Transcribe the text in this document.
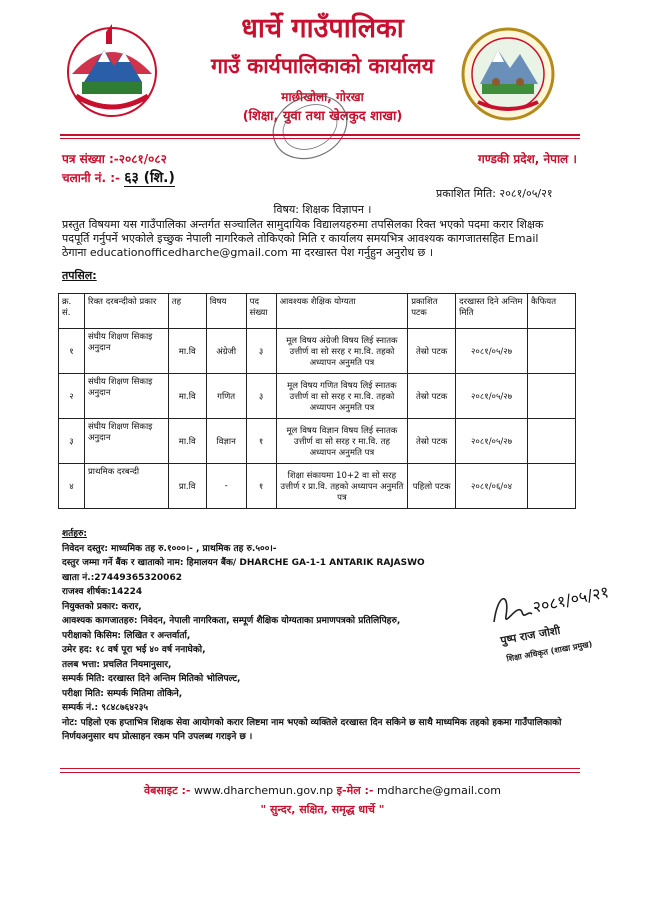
धार्चे गाउँपालिका
गाउँ कार्यपालिकाको कार्यालय
माछीखोला, गोरखा
(शिक्षा, युवा तथा खेलकुद शाखा)
पत्र संख्या :-२०८१/०८२
चलानी नं. :- ६३ (शि.)
गण्डकी प्रदेश, नेपाल ।
प्रकाशित मिति: २०८१/०५/२१
विषय: शिक्षक विज्ञापन ।
प्रस्तुत विषयमा यस गाउँपालिका अन्तर्गत सञ्चालित सामुदायिक विद्यालयहरुमा तपसिलका रिक्त भएको पदमा करार शिक्षक पदपूर्ति गर्नुपर्ने भएकोले इच्छुक नेपाली नागरिकले तोकिएको मिति र कार्यालय समयभित्र आवश्यक कागजातसहित Email ठेगाना educationofficedharche@gmail.com मा दरखास्त पेश गर्नुहुन अनुरोध छ ।
तपसिल:
क्र. सं.	रिक्त दरबन्दीको प्रकार	तह	विषय	पद संख्या	आवश्यक शैक्षिक योग्यता	प्रकाशित पटक	दरखास्त दिने अन्तिम मिति	कैफियत
१	संघीय शिक्षण सिकाइ अनुदान	मा.वि	अंग्रेजी	३	मूल विषय अंग्रेजी विषय लिई स्नातक उत्तीर्ण वा सो सरह र मा.वि. तहको अध्यापन अनुमति पत्र	तेस्रो पटक	२०८१/०५/२७	
२	संघीय शिक्षण सिकाइ अनुदान	मा.वि	गणित	३	मूल विषय गणित विषय लिई स्नातक उत्तीर्ण वा सो सरह र मा.वि. तहको अध्यापन अनुमति पत्र	तेस्रो पटक	२०८१/०५/२७	
३	संघीय शिक्षण सिकाइ अनुदान	मा.वि	विज्ञान	१	मूल विषय विज्ञान विषय लिई स्नातक उत्तीर्ण वा सो सरह र मा.वि. तह अध्यापन अनुमति पत्र	तेस्रो पटक	२०८१/०५/२७	
४	प्राथमिक दरबन्दी	प्रा.वि	-	१	शिक्षा संकायमा 10+2 वा सो सरह उत्तीर्ण र प्रा.वि. तहको अध्यापन अनुमति पत्र	पहिलो पटक	२०८१/०६/०४	
शर्तहरु:
निवेदन दस्तुर: माध्यमिक तह रु.१०००।- , प्राथमिक तह रु.५००।-
दस्तुर जम्मा गर्ने बैंक र खाताको नाम: हिमालयन बैंक/ DHARCHE GA-1-1 ANTARIK RAJASWO
खाता नं.:27449365320062
राजश्व शीर्षक:14224
नियुक्तको प्रकार: करार,
आवश्यक कागजातहरु: निवेदन, नेपाली नागरिकता, सम्पूर्ण शैक्षिक योग्यताका प्रमाणपत्रको प्रतिलिपिहरु,
परीक्षाको किसिम: लिखित र अन्तर्वार्ता,
उमेर हद: १८ वर्ष पूरा भई ४० वर्ष ननाघेको,
तलब भत्ता: प्रचलित नियमानुसार,
सम्पर्क मिति: दरखास्त दिने अन्तिम मितिको भोलिपल्ट,
परीक्षा मिति: सम्पर्क मितिमा तोकिने,
सम्पर्क नं.: ९८४८७६४२३५
नोट: पहिलो एक हप्ताभित्र शिक्षक सेवा आयोगको करार लिष्टमा नाम भएको व्यक्तिले दरखास्त दिन सकिने छ साथै माध्यमिक तहको हकमा गाउँपालिकाको निर्णयअनुसार थप प्रोत्साहन रकम पनि उपलब्ध गराइने छ ।
२०८१/०५/२१
पुष्प राज जोशी
शिक्षा अधिकृत (शाखा प्रमुख)
वेबसाइट :- www.dharchemun.gov.np इ-मेल :- mdharche@gmail.com
" सुन्दर, सक्षित, समृद्ध धार्चे "
